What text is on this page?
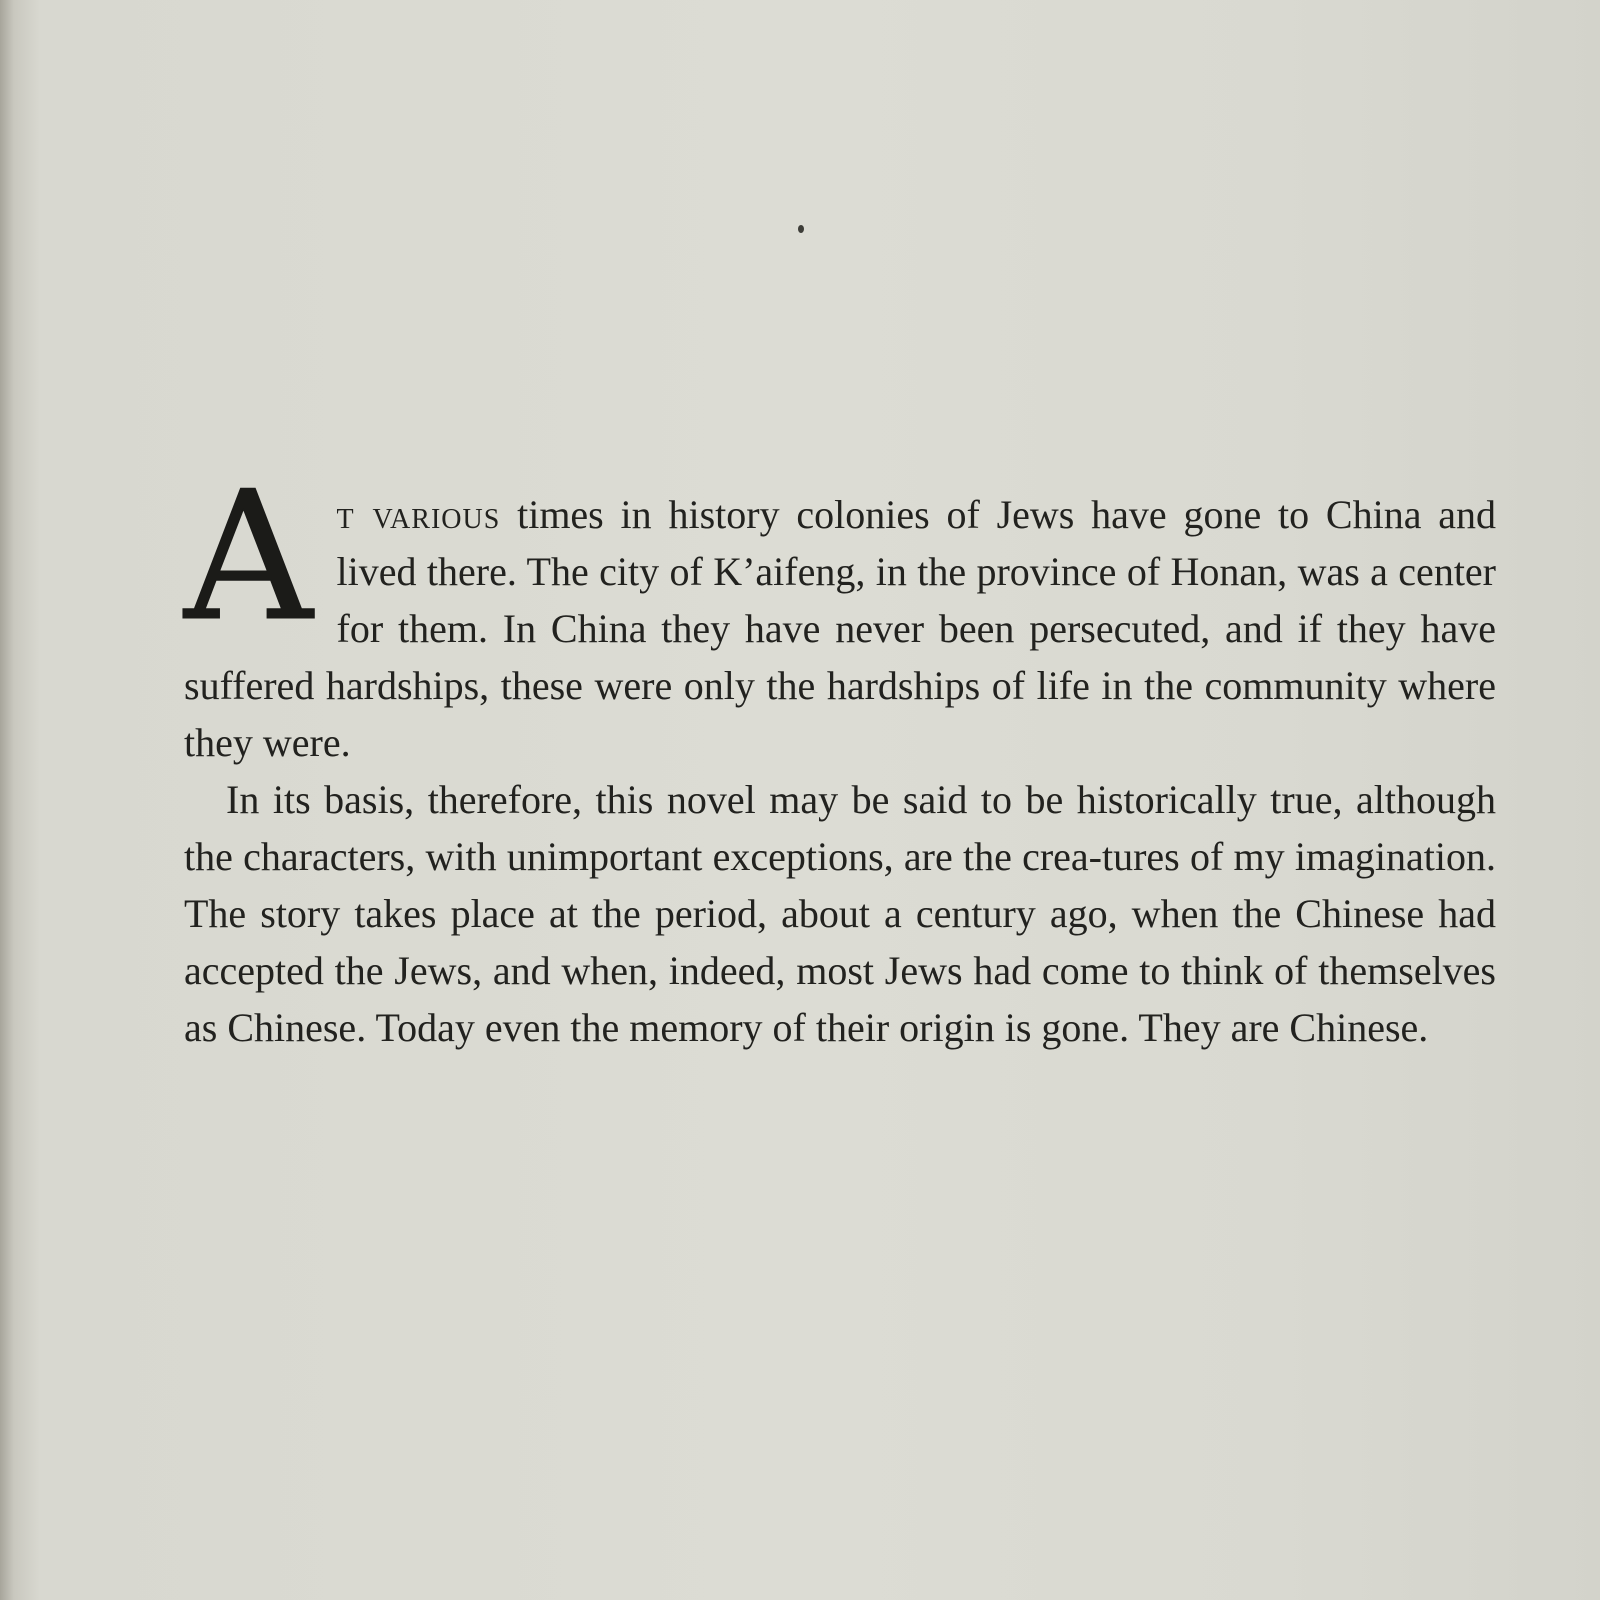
At various times in history colonies of Jews have gone to China and lived there. The city of K’aifeng, in the province of Honan, was a center for them. In China they have never been persecuted, and if they have suffered hardships, these were only the hardships of life in the community where they were.

In its basis, therefore, this novel may be said to be historically true, although the characters, with unimportant exceptions, are the crea-tures of my imagination. The story takes place at the period, about a century ago, when the Chinese had accepted the Jews, and when, indeed, most Jews had come to think of themselves as Chinese. Today even the memory of their origin is gone. They are Chinese.
